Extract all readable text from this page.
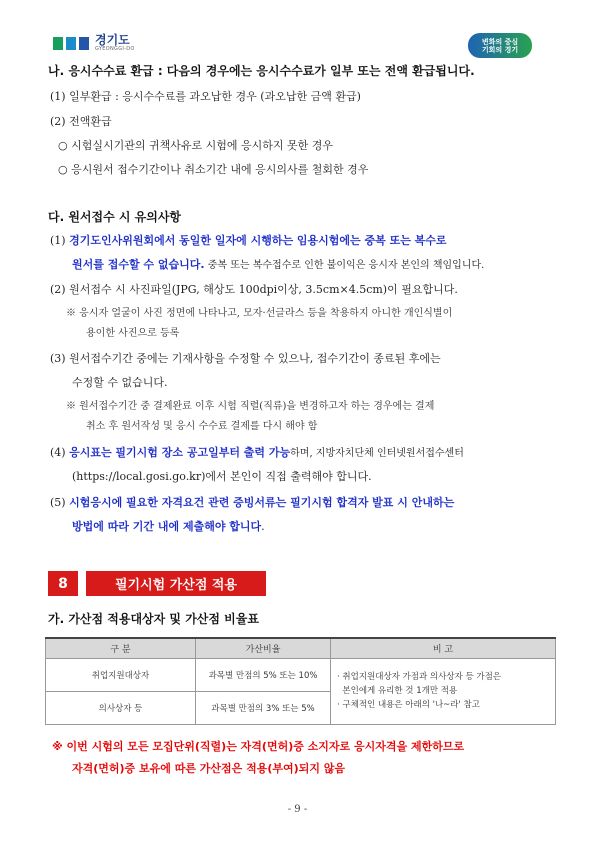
경기도
GYEONGGI-DO
변화의 중심
기회의 경기
나. 응시수수료 환급 : 다음의 경우에는 응시수수료가 일부 또는 전액 환급됩니다.
(1) 일부환급 : 응시수수료를 과오납한 경우 (과오납한 금액 환급)
(2) 전액환급
○ 시험실시기관의 귀책사유로 시험에 응시하지 못한 경우
○ 응시원서 접수기간이나 취소기간 내에 응시의사를 철회한 경우
다. 원서접수 시 유의사항
(1) 경기도인사위원회에서 동일한 일자에 시행하는 임용시험에는 중복 또는 복수로
원서를 접수할 수 없습니다. 중복 또는 복수접수로 인한 불이익은 응시자 본인의 책임입니다.
(2) 원서접수 시 사진파일(JPG, 해상도 100dpi이상, 3.5cm×4.5cm)이 필요합니다.
※ 응시자 얼굴이 사진 정면에 나타나고, 모자·선글라스 등을 착용하지 아니한 개인식별이
용이한 사진으로 등록
(3) 원서접수기간 중에는 기재사항을 수정할 수 있으나, 접수기간이 종료된 후에는
수정할 수 없습니다.
※ 원서접수기간 중 결제완료 이후 시험 직렬(직류)을 변경하고자 하는 경우에는 결제
취소 후 원서작성 및 응시 수수료 결제를 다시 해야 함
(4) 응시표는 필기시험 장소 공고일부터 출력 가능하며, 지방자치단체 인터넷원서접수센터
(https://local.gosi.go.kr)에서 본인이 직접 출력해야 합니다.
(5) 시험응시에 필요한 자격요건 관련 증빙서류는 필기시험 합격자 발표 시 안내하는
방법에 따라 기간 내에 제출해야 합니다.
8	필기시험 가산점 적용
가. 가산점 적용대상자 및 가산점 비율표
구 분	가산비율	비 고
취업지원대상자	과목별 만점의 5% 또는 10%	· 취업지원대상자 가점과 의사상자 등 가점은
본인에게 유리한 것 1개만 적용
· 구체적인 내용은 아래의 '나~라' 참고

의사상자 등	과목별 만점의 3% 또는 5%	
※ 이번 시험의 모든 모집단위(직렬)는 자격(면허)증 소지자로 응시자격을 제한하므로
자격(면허)증 보유에 따른 가산점은 적용(부여)되지 않음
- 9 -
